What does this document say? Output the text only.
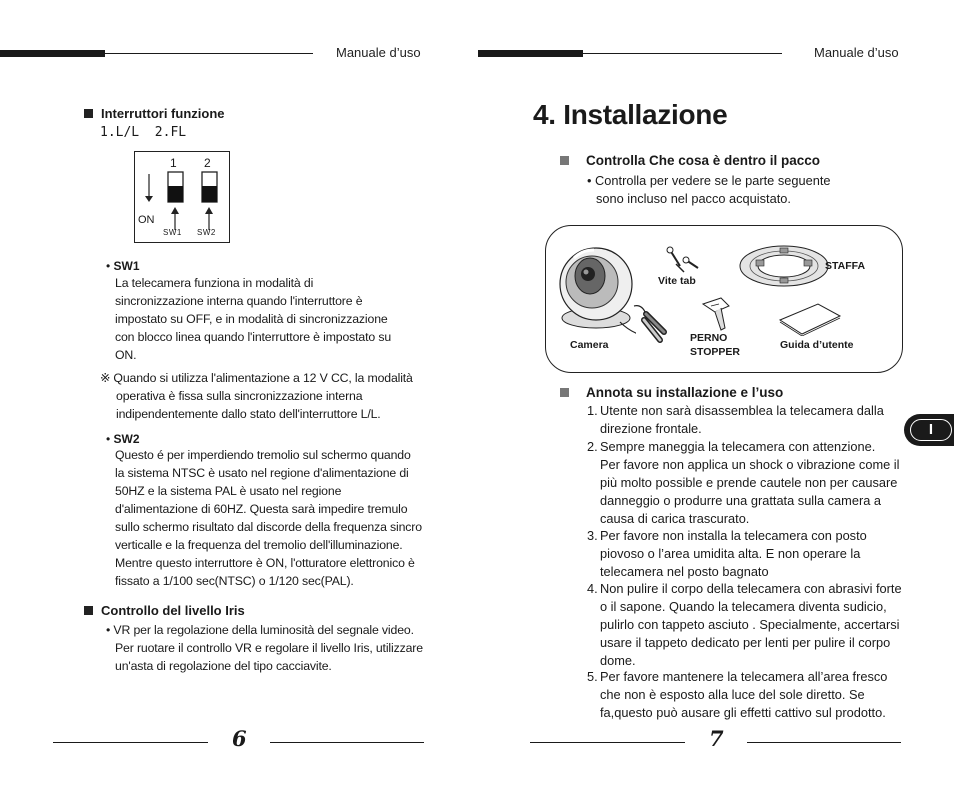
Manuale d’uso	Manuale d’uso
Interruttori funzione
1.L/L  2.FL
1 2
ON
SW1 SW2
• SW1
La telecamera funziona in modalità di
sincronizzazione interna quando l'interruttore è
impostato su OFF, e in modalità di sincronizzazione
con blocco linea quando l'interruttore è impostato su
ON.
※ Quando si utilizza l'alimentazione a 12 V CC, la modalità
operativa è fissa sulla sincronizzazione interna
indipendentemente dallo stato dell'interruttore L/L.
• SW2
Questo é per imperdiendo tremolio sul schermo quando
la sistema NTSC è usato nel regione d'alimentazione di
50HZ e la sistema PAL è usato nel regione
d'alimentazione di 60HZ. Questa sarà impedire tremulo
sullo schermo risultato dal discorde della frequenza sincro
verticalle e la frequenza del tremolio dell'illuminazione.
Mentre questo interruttore è ON, l'otturatore elettronico è
fissato a 1/100 sec(NTSC) o 1/120 sec(PAL).
Controllo del livello Iris
• VR per la regolazione della luminosità del segnale video.
Per ruotare il controllo VR e regolare il livello Iris, utilizzare
un'asta di regolazione del tipo cacciavite.
6
4. Installazione
Controlla Che cosa è dentro il pacco
• Controlla per vedere se le parte seguente
sono incluso nel pacco acquistato.
Camera
Vite tab
STAFFA
PERNO
STOPPER
Guida d’utente
Annota su installazione e l’uso
1. Utente non sarà disassemblea la telecamera dalla
direzione frontale.
2. Sempre maneggia la telecamera con attenzione.
Per favore non applica un shock o vibrazione come il
più molto possible e prende cautele non per causare
danneggio o produrre una grattata sulla camera a
causa di carica trascurato.
3. Per favore non installa la telecamera con posto
piovoso o l’area umidita alta. E non operare la
telecamera nel posto bagnato
4. Non pulire il corpo della telecamera con abrasivi forte
o il sapone. Quando la telecamera diventa sudicio,
pulirlo con tappeto asciuto . Specialmente, accertarsi
usare il tappeto dedicato per lenti per pulire il corpo
dome.
5. Per favore mantenere la telecamera all’area fresco
che non è esposto alla luce del sole diretto. Se
fa,questo può ausare gli effetti cattivo sul prodotto.
I
7
